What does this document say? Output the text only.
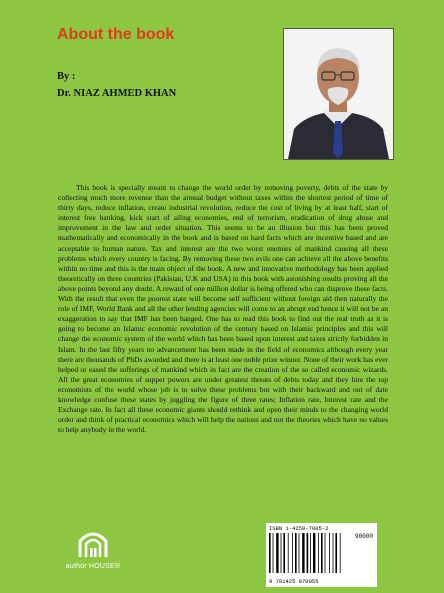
About the book
By :
Dr. NIAZ AHMED KHAN

This book is specially meant to change the world order by removing poverty, debts of the state by collecting much more revenue than the annual budget without taxes within the shortest period of time of thirty days, reduce inflation, create industrial revolution, reduce the cost of living by at least half, start of interest free banking, kick start of ailing economies, end of terrorism, eradication of drug abuse and improvement in the law and order situation. This seems to be an illusion but this has been proved mathematically and economically in the book and is based on hard facts which are incentive based and are acceptable to human nature. Tax and interest are the two worst enemies of mankind causing all these problems which every country is facing. By removing these two evils one can achieve all the above benefits within no time and this is the main object of the book. A new and innovative methodology has been applied theoretically on three countries (Pakistan, U.K and USA) in this book with astonishing results proving all the above points beyond any doubt. A reward of one million dollar is being offered who can disprove these facts. With the result that even the poorest state will become self sufficient without foreign aid then naturally the role of IMF, World Bank and all the other lending agencies will come to an abrupt end hence it will not be an exaggeration to say that IMF has been hanged. One has to read this book to find out the real truth as it is going to become an Islamic economic revolution of the century based on Islamic principles and this will change the economic system of the world which has been based upon interest and taxes strictly forbidden in Islam. In the last fifty years no advancement has been made in the field of economics although every year there are thousands of PhDs awarded and there is at least one noble prize winner. None of their work has ever helped or eased the sufferings of mankind which in fact are the creation of the so called economic wizards. All the great economies of supper powers are under greatest threats of debts today and they hire the top economists of the world whose job is to solve these problems but with their backward and out of date knowledge confuse these states by juggling the figure of three rates; Inflation rate, Interest rate and the Exchange rate. In fact all these economic giants should rethink and open their minds to the changing world order and think of practical economics which will help the nations and not the theories which have no values to help anybody in the world.

author HOUSE®
ISBN 1-4259-7005-2
90000
9 781425 970055
